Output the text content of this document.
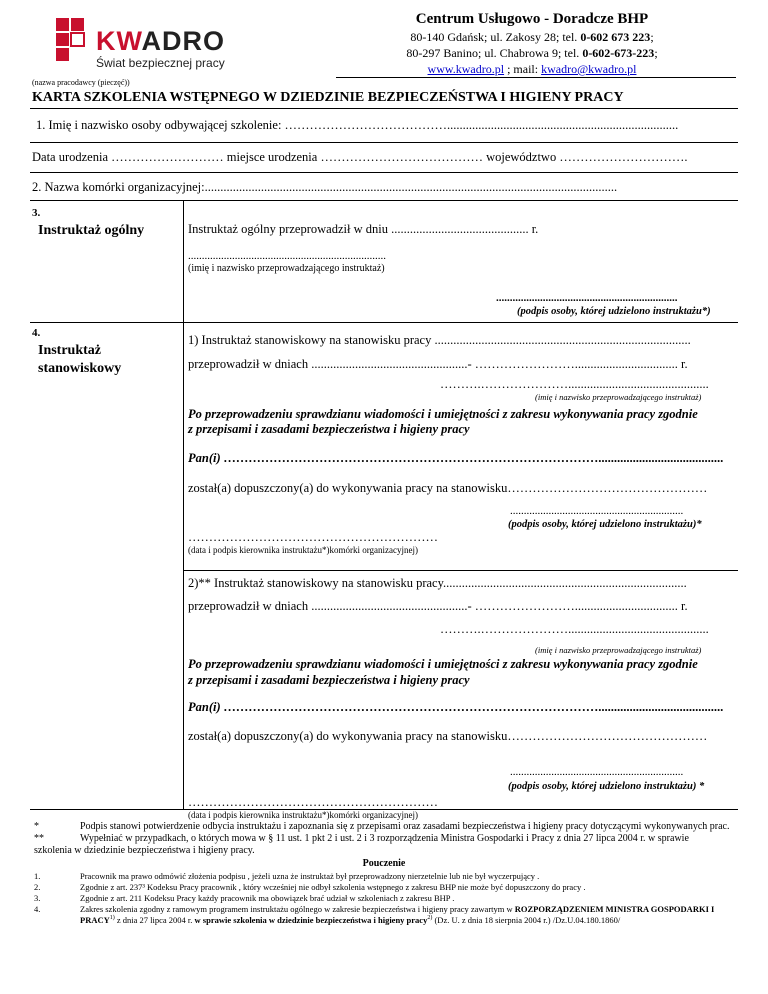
KWADRO
Świat bezpiecznej pracy
Centrum Usługowo - Doradcze BHP
80-140 Gdańsk; ul. Zakosy 28; tel. 0-602 673 223;
80-297 Banino; ul. Chabrowa 9; tel. 0-602-673-223;
www.kwadro.pl ; mail: kwadro@kwadro.pl
(nazwa pracodawcy (pieczęć))
KARTA SZKOLENIA WSTĘPNEGO W DZIEDZINIE BEZPIECZEŃSTWA I HIGIENY PRACY
1. Imię i nazwisko osoby odbywającej szkolenie: …………………………………..........................................................................
Data urodzenia ……………………… miejsce urodzenia ………………………………… województwo ………………………….
2. Nazwa komórki organizacyjnej:....................................................................................................................................
3.
Instruktaż ogólny	Instruktaż ogólny przeprowadził w dniu ............................................ r.
........................................................................
(imię i nazwisko przeprowadzającego instruktaż)
..................................................................
(podpis osoby, której udzielono instruktażu*)
4.
Instruktaż
stanowiskowy
1) Instruktaż stanowiskowy na stanowisku pracy ..................................................................................
przeprowadził w dniach ..................................................- ……………………................................. r.
……….………………….............................................
(imię i nazwisko przeprowadzającego instruktaż)
Po przeprowadzeniu sprawdzianu wiadomości i umiejętności z zakresu wykonywania pracy zgodnie
z przepisami i zasadami bezpieczeństwa i higieny pracy
Pan(i) ………………………………………………………………………………........................................
został(a) dopuszczony(a) do wykonywania pracy na stanowisku…………………………………………
...............................................................
(podpis osoby, której udzielono instruktażu)*
……………………………………………………
(data i podpis kierownika instruktażu*)komórki organizacyjnej)
2)** Instruktaż stanowiskowy na stanowisku pracy..............................................................................
przeprowadził w dniach ..................................................- ……………………................................. r.
……….………………….............................................
(imię i nazwisko przeprowadzającego instruktaż)
Po przeprowadzeniu sprawdzianu wiadomości i umiejętności z zakresu wykonywania pracy zgodnie
z przepisami i zasadami bezpieczeństwa i higieny pracy
Pan(i) ………………………………………………………………………………........................................
został(a) dopuszczony(a) do wykonywania pracy na stanowisku…………………………………………
...............................................................
(podpis osoby, której udzielono instruktażu) *
……………………………………………………
(data i podpis kierownika instruktażu*)komórki organizacyjnej)
*	Podpis stanowi potwierdzenie odbycia instruktażu i zapoznania się z przepisami oraz zasadami bezpieczeństwa i higieny pracy dotyczącymi wykonywanych prac.
**	Wypełniać w przypadkach, o których mowa w § 11 ust. 1 pkt 2 i ust. 2 i 3 rozporządzenia Ministra Gospodarki i Pracy z dnia 27 lipca 2004 r. w sprawie
szkolenia w dziedzinie bezpieczeństwa i higieny pracy.
Pouczenie
1.	Pracownik ma prawo odmówić złożenia podpisu , jeżeli uzna że instruktaż był przeprowadzony nierzetelnie lub nie był wyczerpujący .
2.	Zgodnie z art. 237³ Kodeksu Pracy pracownik , który wcześniej nie odbył szkolenia wstępnego z zakresu BHP nie może być dopuszczony do pracy .
3.	Zgodnie z art. 211 Kodeksu Pracy każdy pracownik ma obowiązek brać udział w szkoleniach z zakresu BHP .
4.	Zakres szkolenia zgodny z ramowym programem instruktażu ogólnego w zakresie bezpieczeństwa i higieny pracy zawartym w ROZPORZĄDZENIEM MINISTRA GOSPODARKI I
PRACY$^{1)}$ z dnia 27 lipca 2004 r. w sprawie szkolenia w dziedzinie bezpieczeństwa i higieny pracy$^{2)}$ (Dz. U. z dnia 18 sierpnia 2004 r.) /Dz.U.04.180.1860/
